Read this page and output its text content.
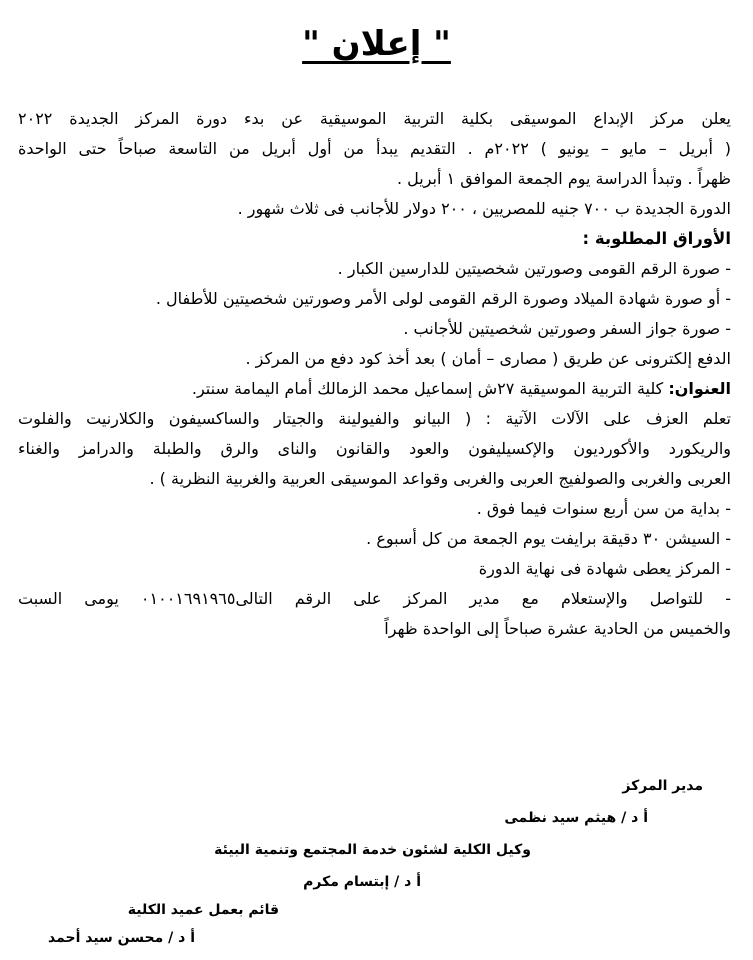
" إعلان "
يعلن مركز الإبداع الموسيقى بكلية التربية الموسيقية عن بدء دورة المركز الجديدة ٢٠٢٢
( أبريل – مايو – يونيو ) ٢٠٢٢م . التقديم يبدأ من أول أبريل من التاسعة صباحاً حتى الواحدة
ظهراً . وتبدأ الدراسة يوم الجمعة الموافق ١ أبريل .
الدورة الجديدة ب ٧٠٠ جنيه للمصريين ، ٢٠٠ دولار للأجانب فى ثلاث شهور .
الأوراق المطلوبة :
- صورة الرقم القومى وصورتين شخصيتين للدارسين الكبار .
- أو صورة شهادة الميلاد وصورة الرقم القومى لولى الأمر وصورتين شخصيتين للأطفال .
- صورة جواز السفر وصورتين شخصيتين للأجانب .
الدفع إلكترونى عن طريق ( مصارى – أمان ) بعد أخذ كود دفع من المركز .
العنوان: كلية التربية الموسيقية ٢٧ش إسماعيل محمد الزمالك أمام اليمامة سنتر.
تعلم العزف على الآلات الآتية : ( البيانو والفيولينة والجيتار والساكسيفون والكلارنيت والفلوت
والريكورد والأكورديون والإكسيليفون والعود والقانون والناى والرق والطبلة والدرامز والغناء
العربى والغربى والصولفيج العربى والغربى وقواعد الموسيقى العربية والغربية النظرية ) .
- بداية من سن أربع سنوات فيما فوق .
- السيشن ٣٠ دقيقة برايفت يوم الجمعة من كل أسبوع .
- المركز يعطى شهادة فى نهاية الدورة
- للتواصل والإستعلام مع مدير المركز على الرقم التالى٠١٠٠١٦٩١٩٦٥ يومى السبت
والخميس من الحادية عشرة صباحاً إلى الواحدة ظهراً
مدير المركز
أ د / هيثم سيد نظمى
وكيل الكلية لشئون خدمة المجتمع وتنمية البيئة
أ د / إبتسام مكرم
قائم بعمل عميد الكلية
أ د / محسن سيد أحمد
